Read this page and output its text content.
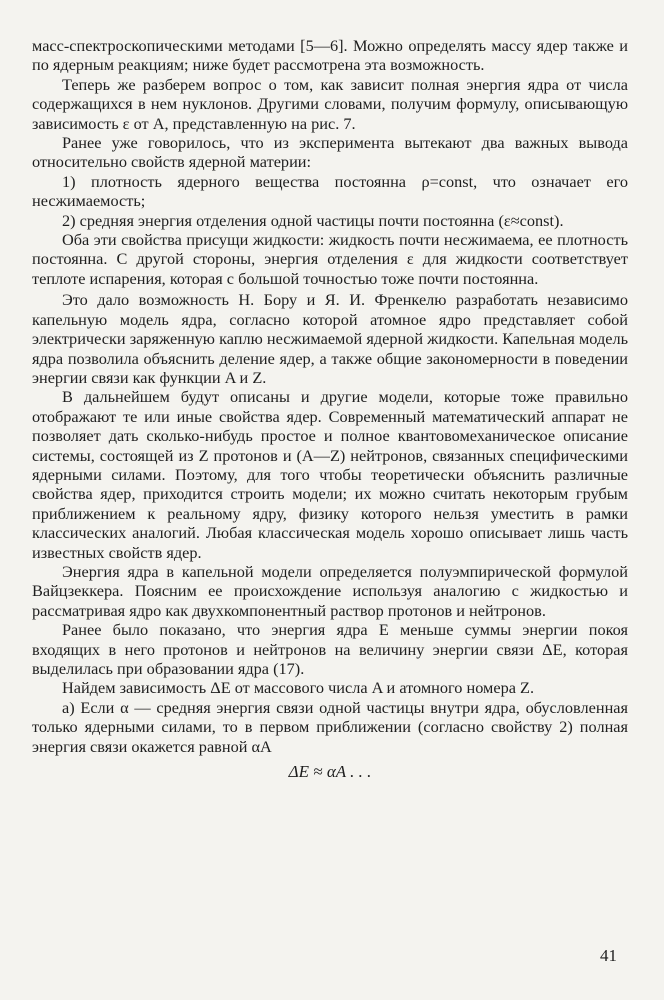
масс-спектроскопическими методами [5—6]. Можно определять массу ядер также и по ядерным реакциям; ниже будет рассмотрена эта возможность.

Теперь же разберем вопрос о том, как зависит полная энергия ядра от числа содержащихся в нем нуклонов. Другими словами, получим формулу, описывающую зависимость ε от A, представленную на рис. 7.

Ранее уже говорилось, что из эксперимента вытекают два важных вывода относительно свойств ядерной материи:

1) плотность ядерного вещества постоянна ρ=const, что означает его несжимаемость;

2) средняя энергия отделения одной частицы почти постоянна (ε≈const).

Оба эти свойства присущи жидкости: жидкость почти несжимаема, ее плотность постоянна. С другой стороны, энергия отделения ε для жидкости соответствует теплоте испарения, которая с большой точностью тоже почти постоянна.

Это дало возможность Н. Бору и Я. И. Френкелю разработать независимо капельную модель ядра, согласно которой атомное ядро представляет собой электрически заряженную каплю несжимаемой ядерной жидкости. Капельная модель ядра позволила объяснить деление ядер, а также общие закономерности в поведении энергии связи как функции A и Z.

В дальнейшем будут описаны и другие модели, которые тоже правильно отображают те или иные свойства ядер. Современный математический аппарат не позволяет дать сколько-нибудь простое и полное квантовомеханическое описание системы, состоящей из Z протонов и (A—Z) нейтронов, связанных специфическими ядерными силами. Поэтому, для того чтобы теоретически объяснить различные свойства ядер, приходится строить модели; их можно считать некоторым грубым приближением к реальному ядру, физику которого нельзя уместить в рамки классических аналогий. Любая классическая модель хорошо описывает лишь часть известных свойств ядер.

Энергия ядра в капельной модели определяется полуэмпирической формулой Вайцзеккера. Поясним ее происхождение используя аналогию с жидкостью и рассматривая ядро как двухкомпонентный раствор протонов и нейтронов.

Ранее было показано, что энергия ядра E меньше суммы энергии покоя входящих в него протонов и нейтронов на величину энергии связи ΔE, которая выделилась при образовании ядра (17).

Найдем зависимость ΔE от массового числа A и атомного номера Z.

а) Если α — средняя энергия связи одной частицы внутри ядра, обусловленная только ядерными силами, то в первом приближении (согласно свойству 2) полная энергия связи окажется равной αA

ΔE ≈ αA . . .
41
